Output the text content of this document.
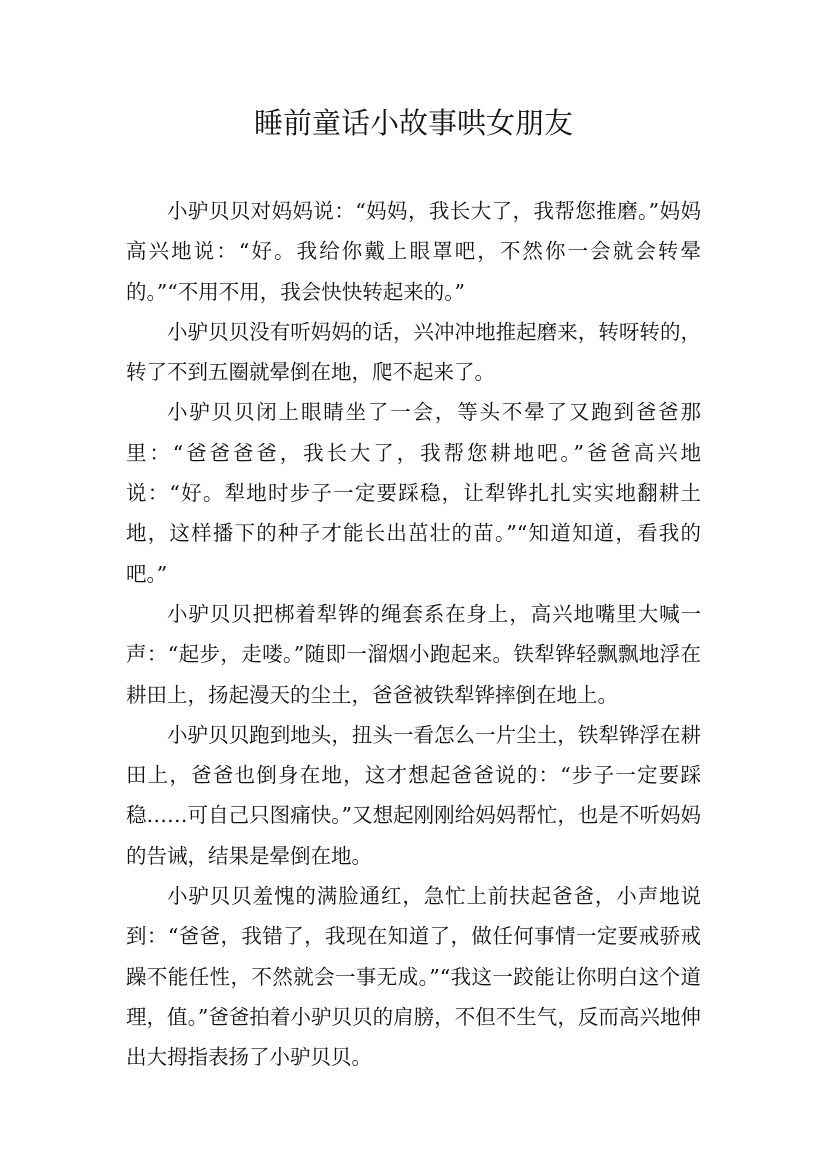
睡前童话小故事哄女朋友

小驴贝贝对妈妈说：“妈妈，我长大了，我帮您推磨。”妈妈高兴地说：“好。我给你戴上眼罩吧，不然你一会就会转晕的。”“不用不用，我会快快转起来的。”

小驴贝贝没有听妈妈的话，兴冲冲地推起磨来，转呀转的，转了不到五圈就晕倒在地，爬不起来了。

小驴贝贝闭上眼睛坐了一会，等头不晕了又跑到爸爸那里：“爸爸爸爸，我长大了，我帮您耕地吧。”爸爸高兴地说：“好。犁地时步子一定要踩稳，让犁铧扎扎实实地翻耕土地，这样播下的种子才能长出茁壮的苗。”“知道知道，看我的吧。”

小驴贝贝把梆着犁铧的绳套系在身上，高兴地嘴里大喊一声：“起步，走喽。”随即一溜烟小跑起来。铁犁铧轻飘飘地浮在耕田上，扬起漫天的尘土，爸爸被铁犁铧摔倒在地上。

小驴贝贝跑到地头，扭头一看怎么一片尘土，铁犁铧浮在耕田上，爸爸也倒身在地，这才想起爸爸说的：“步子一定要踩稳……可自己只图痛快。”又想起刚刚给妈妈帮忙，也是不听妈妈的告诫，结果是晕倒在地。

小驴贝贝羞愧的满脸通红，急忙上前扶起爸爸，小声地说到：“爸爸，我错了，我现在知道了，做任何事情一定要戒骄戒躁不能任性，不然就会一事无成。”“我这一跤能让你明白这个道理，值。”爸爸拍着小驴贝贝的肩膀，不但不生气，反而高兴地伸出大拇指表扬了小驴贝贝。
